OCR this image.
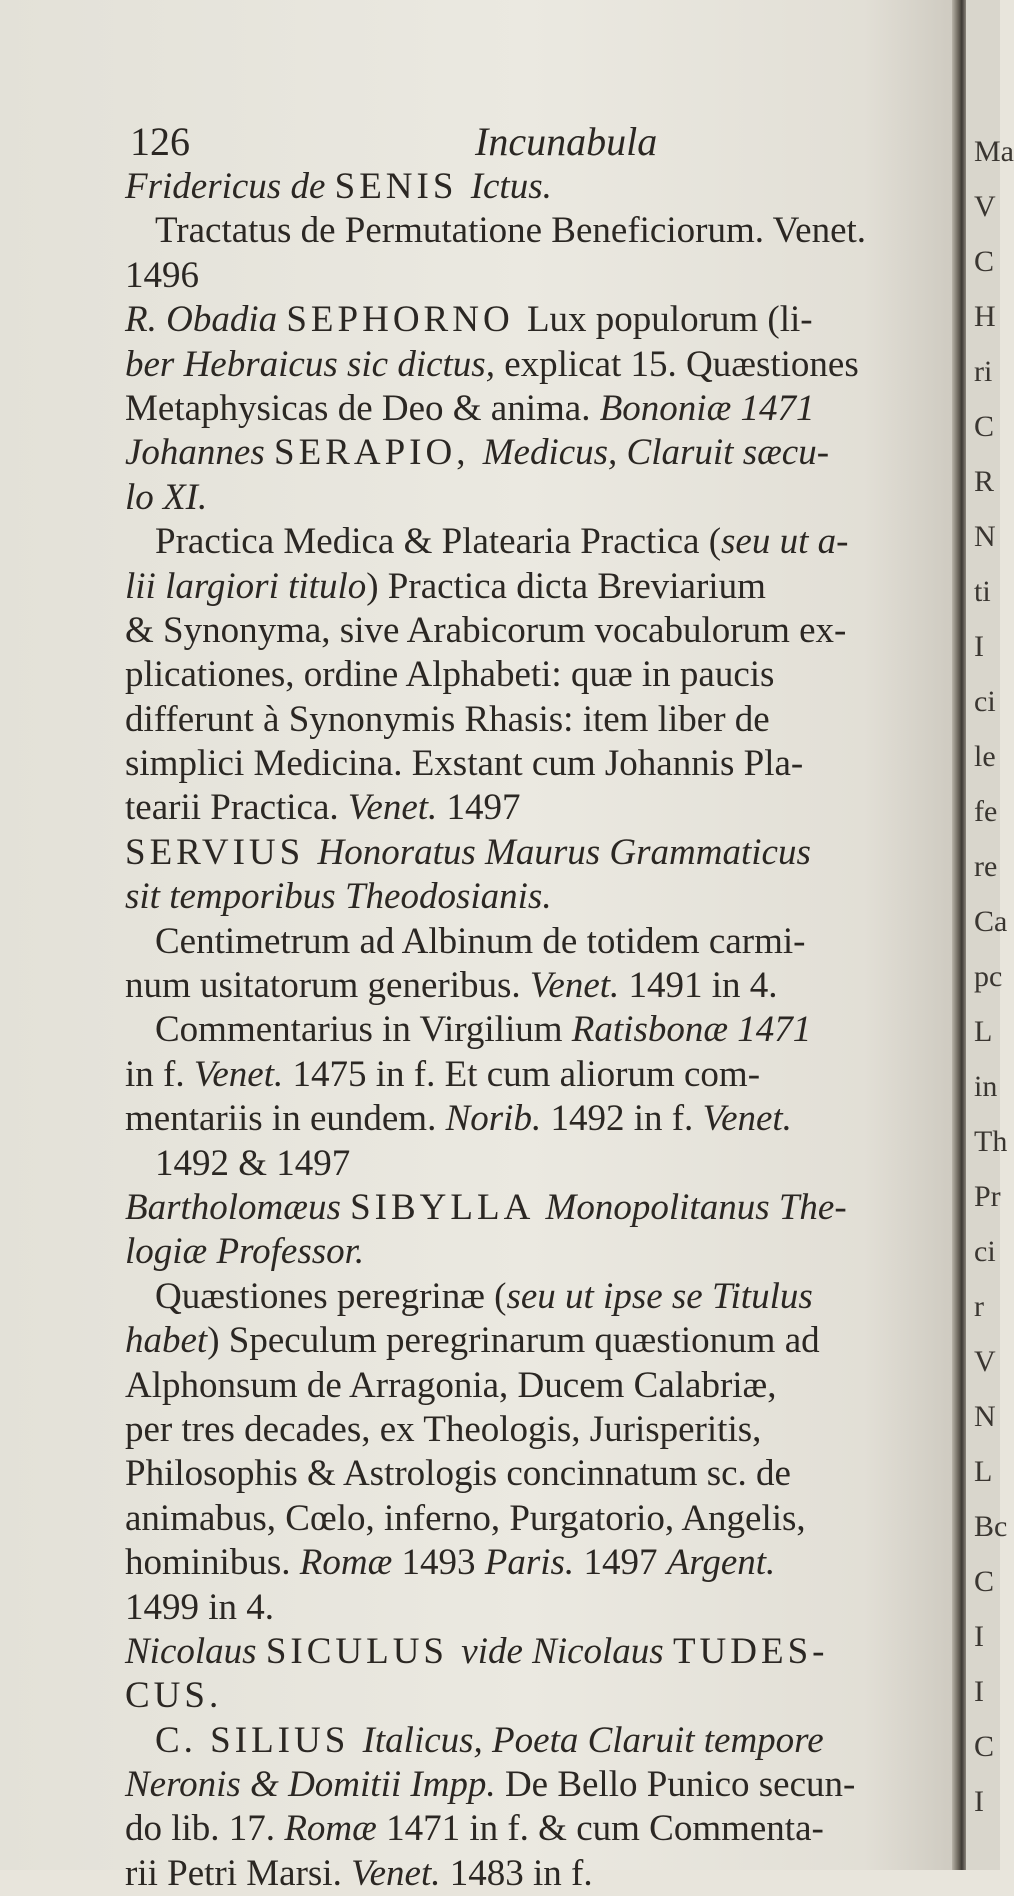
126	Incunabula
Fridericus de SENIS Ictus.
Tractatus de Permutatione Beneficiorum. Venet.
1496
R. Obadia SEPHORNO Lux populorum (li-
ber Hebraicus sic dictus, explicat 15. Quæstiones
Metaphysicas de Deo & anima. Bononiæ 1471
Johannes SERAPIO, Medicus, Claruit sæcu-
lo XI.
Practica Medica & Platearia Practica (seu ut a-
lii largiori titulo) Practica dicta Breviarium
& Synonyma, sive Arabicorum vocabulorum ex-
plicationes, ordine Alphabeti: quæ in paucis
differunt à Synonymis Rhasis: item liber de
simplici Medicina. Exstant cum Johannis Pla-
tearii Practica. Venet. 1497
SERVIUS Honoratus Maurus Grammaticus
sit temporibus Theodosianis.
Centimetrum ad Albinum de totidem carmi-
num usitatorum generibus. Venet. 1491 in 4.
Commentarius in Virgilium Ratisbonæ 1471
in f. Venet. 1475 in f. Et cum aliorum com-
mentariis in eundem. Norib. 1492 in f. Venet.
1492 & 1497
Bartholomæus SIBYLLA Monopolitanus The-
logiæ Professor.
Quæstiones peregrinæ (seu ut ipse se Titulus
habet) Speculum peregrinarum quæstionum ad
Alphonsum de Arragonia, Ducem Calabriæ,
per tres decades, ex Theologis, Jurisperitis,
Philosophis & Astrologis concinnatum sc. de
animabus, Cœlo, inferno, Purgatorio, Angelis,
hominibus. Romæ 1493 Paris. 1497 Argent.
1499 in 4.
Nicolaus SICULUS vide Nicolaus TUDES-
CUS.
C. SILIUS Italicus, Poeta Claruit tempore
Neronis & Domitii Impp. De Bello Punico secun-
do lib. 17. Romæ 1471 in f. & cum Commenta-
rii Petri Marsi. Venet. 1483 in f.
Ma
V
C
H
ri
C
R
N
ti
I
ci
le
fe
re
Ca
pc
L
in
Th
Pr
ci
r
V
N
L
Bc
C
I
I
C
I
